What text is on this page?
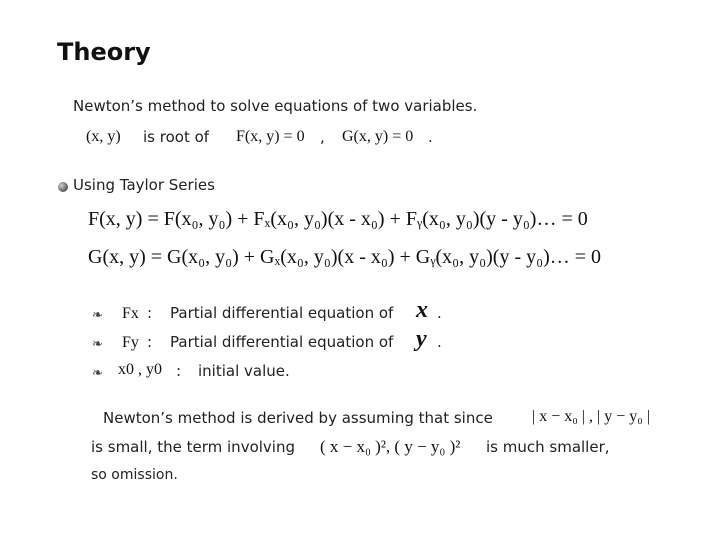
Theory
Newton’s method to solve equations of two variables.
(x, y) is root of F(x, y) = 0 , G(x, y) = 0 .
Using Taylor Series
F(x, y) = F(x₀, y₀) + Fₓ(x₀, y₀)(x - x₀) + Fᵧ(x₀, y₀)(y - y₀)… = 0
G(x, y) = G(x₀, y₀) + Gₓ(x₀, y₀)(x - x₀) + Gᵧ(x₀, y₀)(y - y₀)… = 0
❧ Fx : Partial differential equation of x .
❧ Fy : Partial differential equation of y .
❧ x0 , y0 : initial value.
Newton’s method is derived by assuming that since | x − x₀ | , | y − y₀ |
is small, the term involving ( x − x₀ )², ( y − y₀ )² is much smaller,
so omission.
